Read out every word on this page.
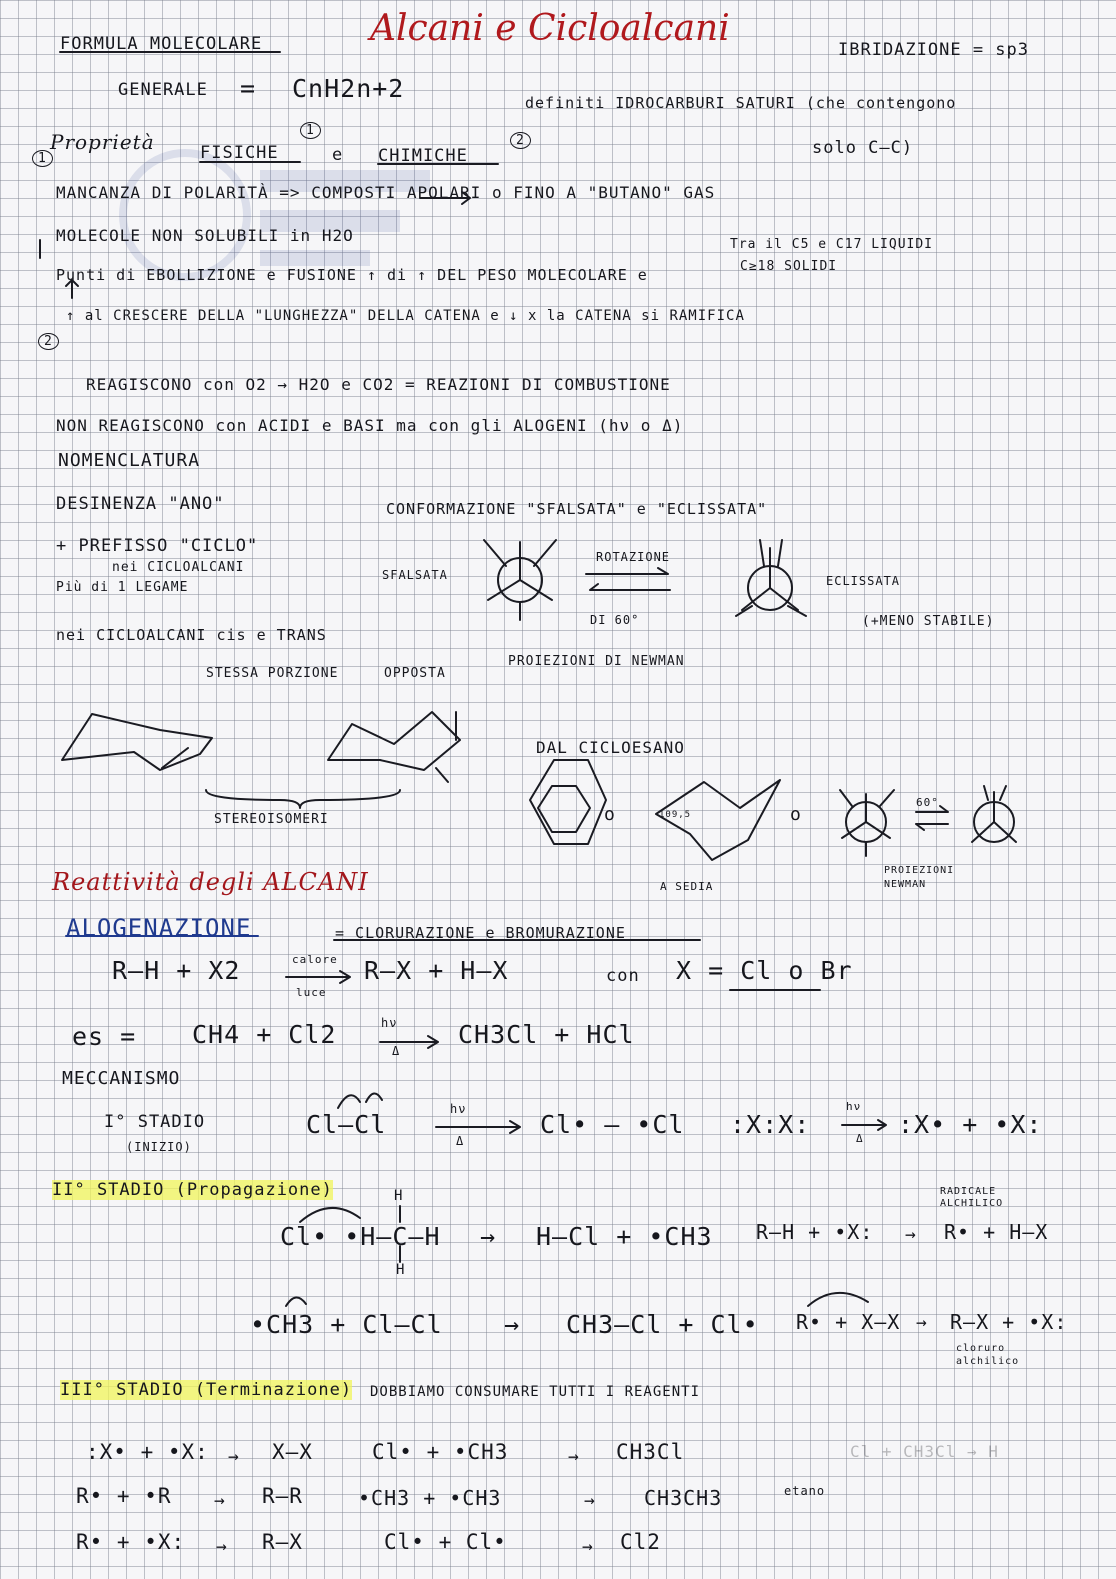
FORMULA MOLECOLARE	Alcani e Cicloalcani
IBRIDAZIONE = sp3
GENERALE = CnH2n+2	definiti IDROCARBURI SATURI (che contengono
solo C–C)
Proprietà	FISICHE
1
e CHIMICHE
2
1
MANCANZA DI POLARITÀ => COMPOSTI APOLARI o FINO A "BUTANO" GAS
MOLECOLE NON SOLUBILI in H2O	Tra il C5 e C17 LIQUIDI
C≥18 SOLIDI
Punti di EBOLLIZIONE e FUSIONE ↑ di ↑ DEL PESO MOLECOLARE e
↑ al CRESCERE DELLA "LUNGHEZZA" DELLA CATENA e ↓ x la CATENA si RAMIFICA
2
REAGISCONO con O2 → H2O e CO2 = REAZIONI DI COMBUSTIONE
NON REAGISCONO con ACIDI e BASI ma con gli ALOGENI (hν o Δ)
NOMENCLATURA
DESINENZA "ANO"
+ PREFISSO "CICLO"
nei CICLOALCANI
Più di 1 LEGAME
nei CICLOALCANI cis e TRANS
STESSA PORZIONE	OPPOSTA
CONFORMAZIONE "SFALSATA" e "ECLISSATA"
SFALSATA
ROTAZIONE
DI 60°
ECLISSATA
(+MENO STABILE)
PROIEZIONI DI NEWMAN
DAL CICLOESANO
STEREOISOMERI
A SEDIA
109,5
o	o
60°
PROIEZIONI NEWMAN
Reattività degli ALCANI
ALOGENAZIONE	= CLORURAZIONE e BROMURAZIONE
R–H + X2	calore
luce
R–X + H–X	con X = Cl o Br
es = CH4 + Cl2	hν
Δ
CH3Cl + HCl
MECCANISMO
I° STADIO
(INIZIO)
Cl–Cl
hν
Δ
Cl• – •Cl :X:X:
hν
Δ :X• + •X:
II° STADIO (Propagazione)	RADICALE ALCHILICO
Cl• •H–C–H
H
H
→ H–Cl + •CH3 R–H + •X: → R• + H–X
•CH3 + Cl–Cl → CH3–Cl + Cl• R• + X–X → R–X + •X:
cloruro alchilico
III° STADIO (Terminazione) DOBBIAMO CONSUMARE TUTTI I REAGENTI
:X• + •X: → X–X	Cl• + •CH3	→ CH3Cl	Cl + CH3Cl → H
R• + •R → R–R	•CH3 + •CH3	→ CH3CH3	etano
R• + •X: → R–X	Cl• + Cl•	→ Cl2
